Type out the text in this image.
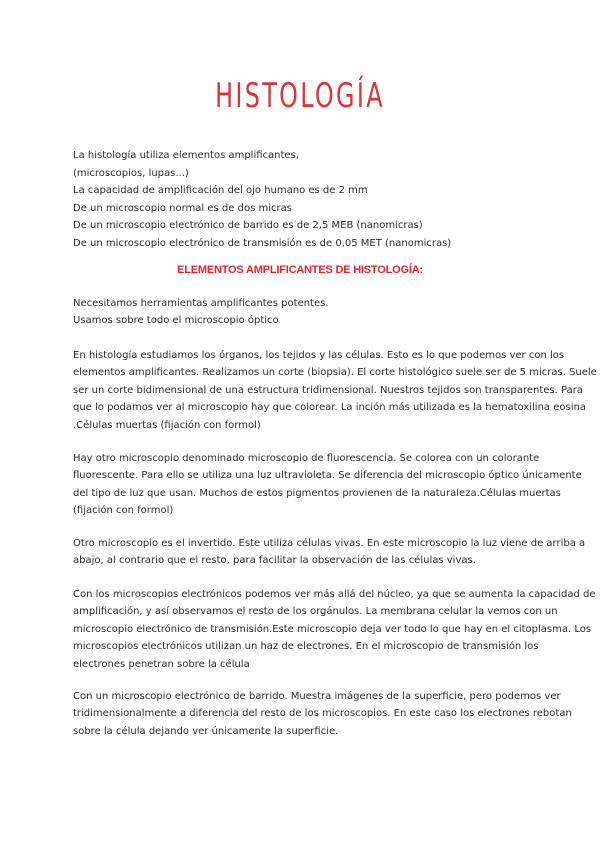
HISTOLOGÍA
La histología utiliza elementos amplificantes,
(microscopios, lupas...)
La capacidad de amplificación del ojo humano es de 2 mm
De un microscopio normal es de dos micras
De un microscopio electrónico de barrido es de 2,5 MEB (nanomicras)
De un microscopio electrónico de transmisión es de 0,05 MET (nanomicras)
ELEMENTOS AMPLIFICANTES DE HISTOLOGÍA:
Necesitamos herramientas amplificantes potentes.
Usamos sobre todo el microscopio óptico
En histología estudiamos los órganos, los tejidos y las células. Esto es lo que podemos ver con los
elementos amplificantes. Realizamos un corte (biopsia). El corte histológico suele ser de 5 micras. Suele
ser un corte bidimensional de una estructura tridimensional. Nuestros tejidos son transparentes. Para
que lo podamos ver al microscopio hay que colorear. La inción más utilizada es la hematoxilina eosina
.Células muertas (fijación con formol)
Hay otro microscopio denominado microscopio de fluorescencia. Se colorea con un colorante
fluorescente. Para ello se utiliza una luz ultravioleta. Se diferencia del microscopio óptico únicamente
del tipo de luz que usan. Muchos de estos pigmentos provienen de la naturaleza.Células muertas
(fijación con formol)
Otro microscopio es el invertido. Este utiliza células vivas. En este microscopio la luz viene de arriba a
abajo, al contrario que el resto, para facilitar la observación de las células vivas.
Con los microscopios electrónicos podemos ver más allá del núcleo, ya que se aumenta la capacidad de
amplificación, y así observamos el resto de los orgánulos. La membrana celular la vemos con un
microscopio electrónico de transmisión.Este microscopio deja ver todo lo que hay en el citoplasma. Los
microscopios electrónicos utilizan un haz de electrones. En el microscopio de transmisión los
electrones penetran sobre la célula
Con un microscopio electrónico de barrido. Muestra imágenes de la superficie, pero podemos ver
tridimensionalmente a diferencia del resto de los microscopios. En este caso los electrones rebotan
sobre la célula dejando ver únicamente la superficie.
